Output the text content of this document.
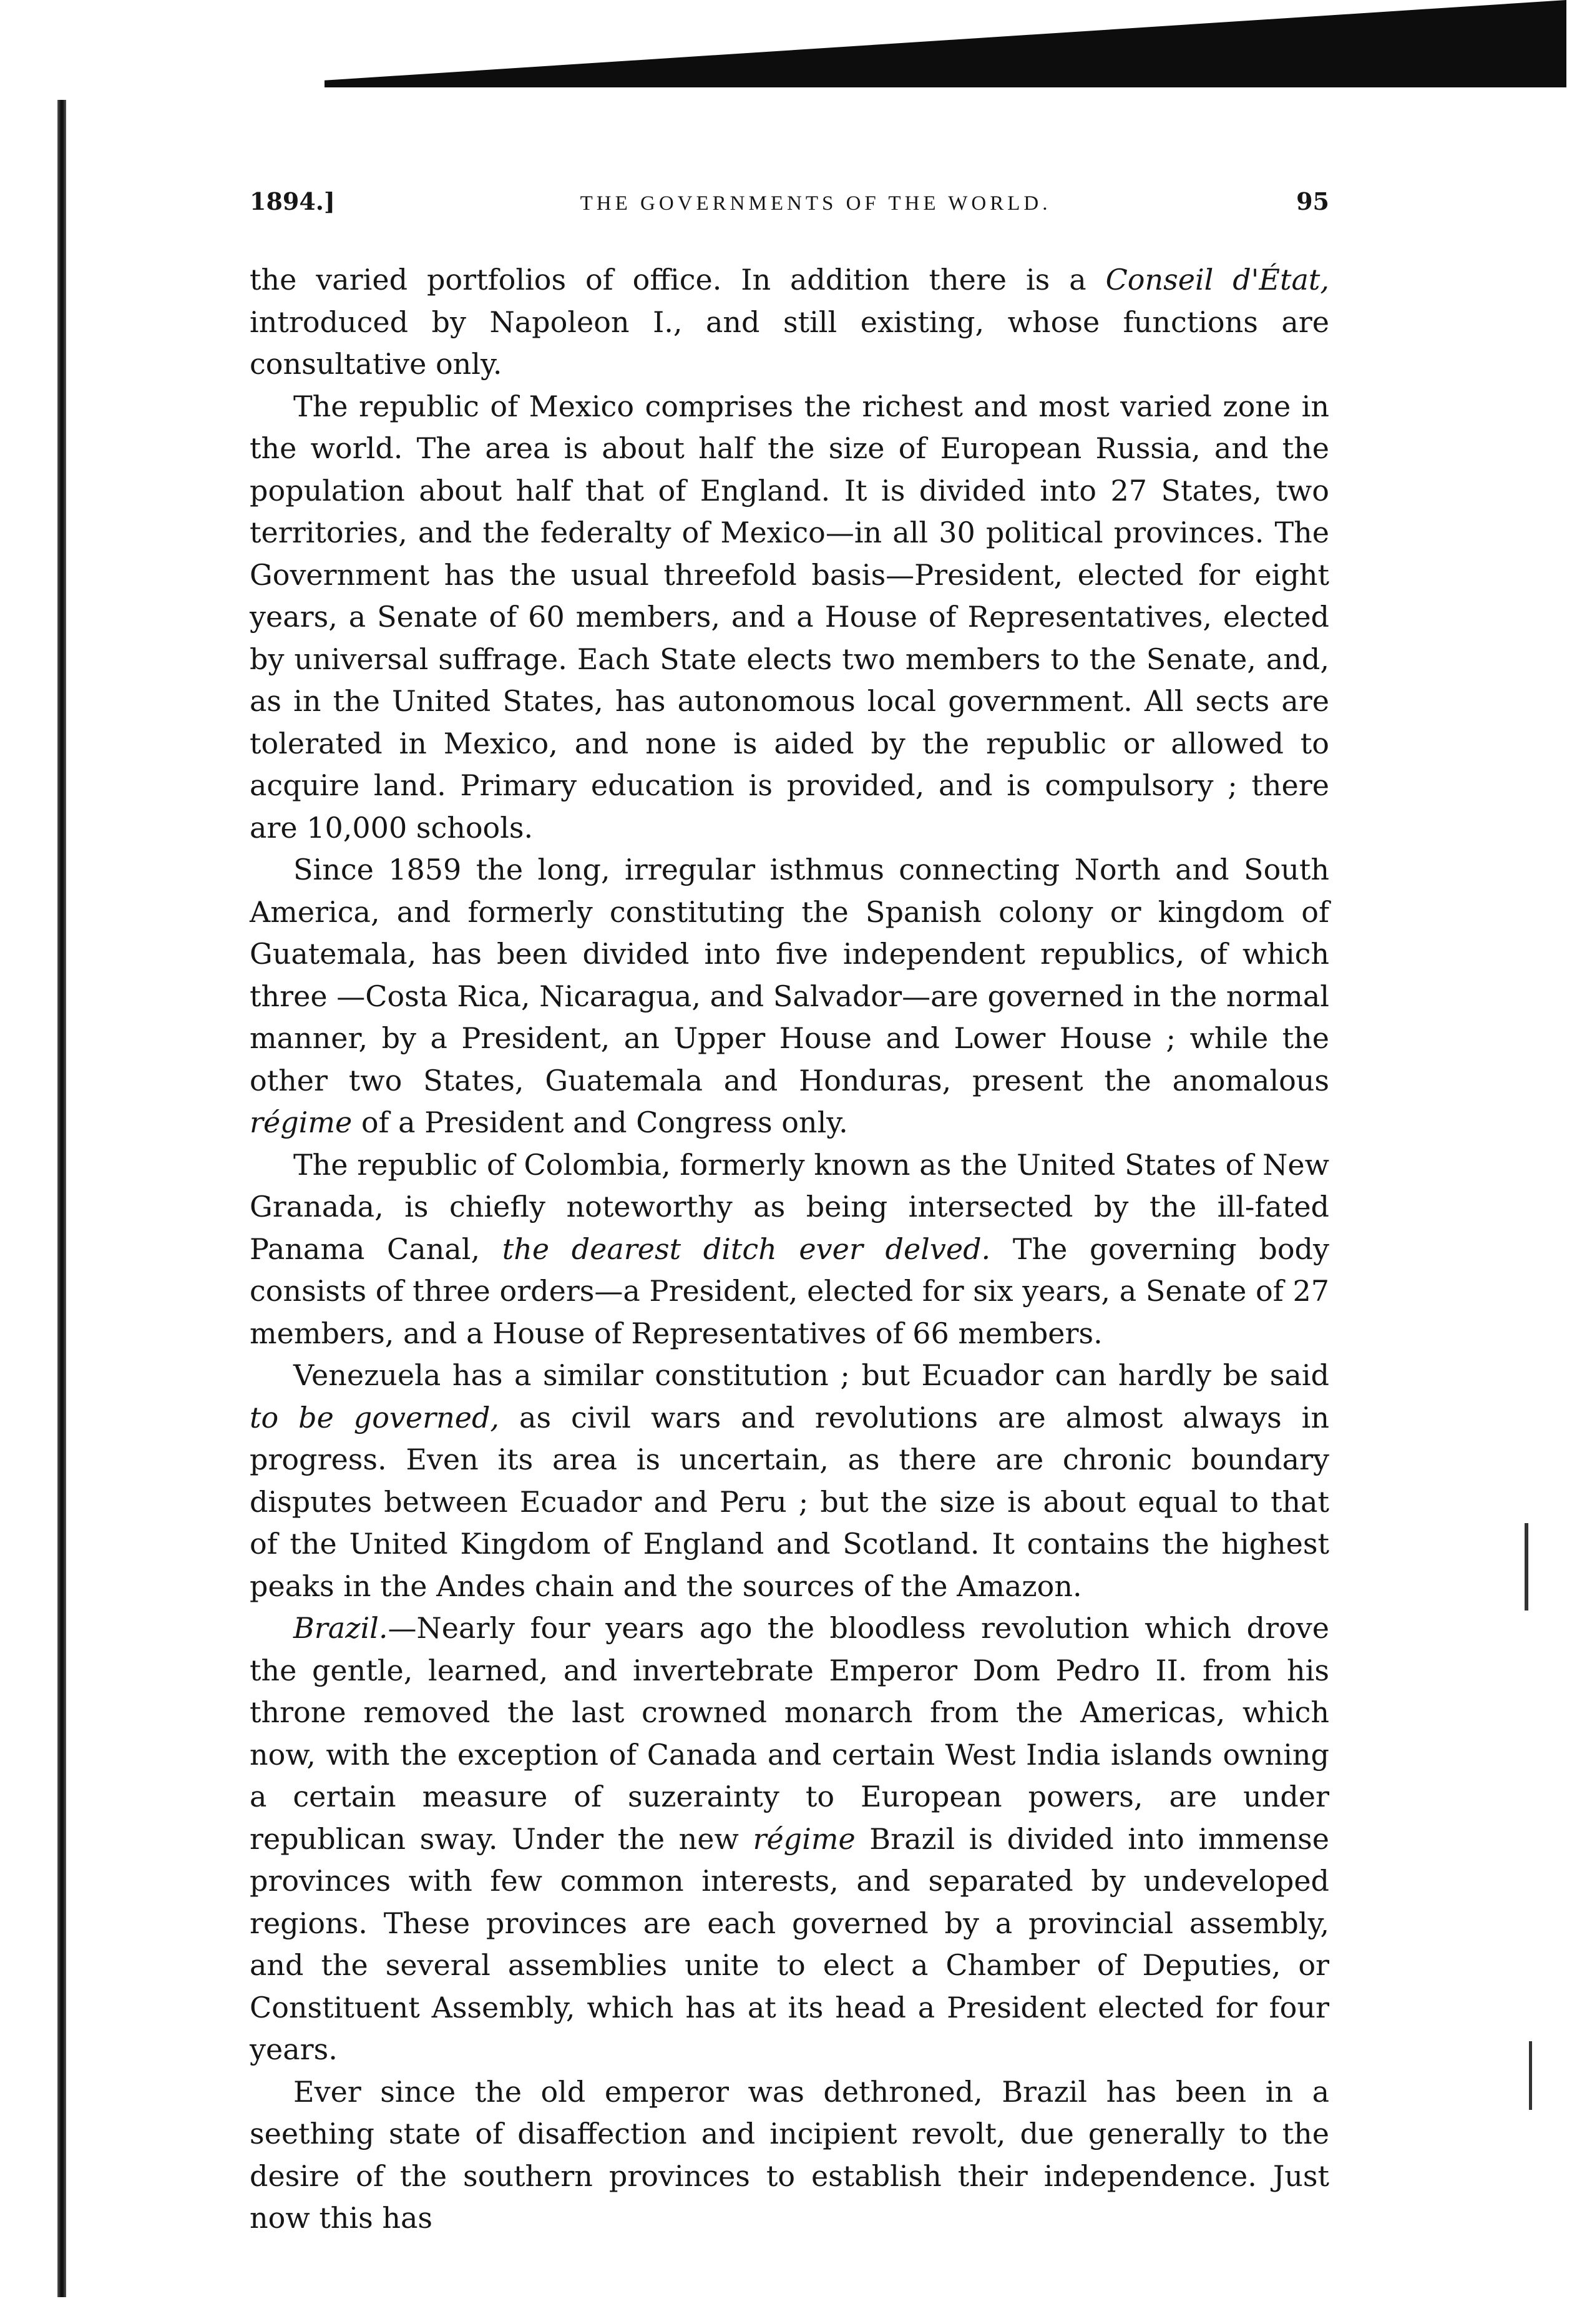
1894.]	THE GOVERNMENTS OF THE WORLD.	95

the varied portfolios of office. In addition there is a Conseil d'État, introduced by Napoleon I., and still existing, whose functions are consultative only.

The republic of Mexico comprises the richest and most varied zone in the world. The area is about half the size of European Russia, and the population about half that of England. It is divided into 27 States, two territories, and the federalty of Mexico—in all 30 political provinces. The Government has the usual threefold basis—President, elected for eight years, a Senate of 60 members, and a House of Representatives, elected by universal suffrage. Each State elects two members to the Senate, and, as in the United States, has autonomous local government. All sects are tolerated in Mexico, and none is aided by the republic or allowed to acquire land. Primary education is provided, and is compulsory ; there are 10,000 schools.

Since 1859 the long, irregular isthmus connecting North and South America, and formerly constituting the Spanish colony or kingdom of Guatemala, has been divided into five independent republics, of which three —Costa Rica, Nicaragua, and Salvador—are governed in the normal manner, by a President, an Upper House and Lower House ; while the other two States, Guatemala and Honduras, present the anomalous régime of a President and Congress only.

The republic of Colombia, formerly known as the United States of New Granada, is chiefly noteworthy as being intersected by the ill-fated Panama Canal, the dearest ditch ever delved. The governing body consists of three orders—a President, elected for six years, a Senate of 27 members, and a House of Representatives of 66 members.

Venezuela has a similar constitution ; but Ecuador can hardly be said to be governed, as civil wars and revolutions are almost always in progress. Even its area is uncertain, as there are chronic boundary disputes between Ecuador and Peru ; but the size is about equal to that of the United Kingdom of England and Scotland. It contains the highest peaks in the Andes chain and the sources of the Amazon.

Brazil.—Nearly four years ago the bloodless revolution which drove the gentle, learned, and invertebrate Emperor Dom Pedro II. from his throne removed the last crowned monarch from the Americas, which now, with the exception of Canada and certain West India islands owning a certain measure of suzerainty to European powers, are under republican sway. Under the new régime Brazil is divided into immense provinces with few common interests, and separated by undeveloped regions. These provinces are each governed by a provincial assembly, and the several assemblies unite to elect a Chamber of Deputies, or Constituent Assembly, which has at its head a President elected for four years.

Ever since the old emperor was dethroned, Brazil has been in a seething state of disaffection and incipient revolt, due generally to the desire of the southern provinces to establish their independence. Just now this has
